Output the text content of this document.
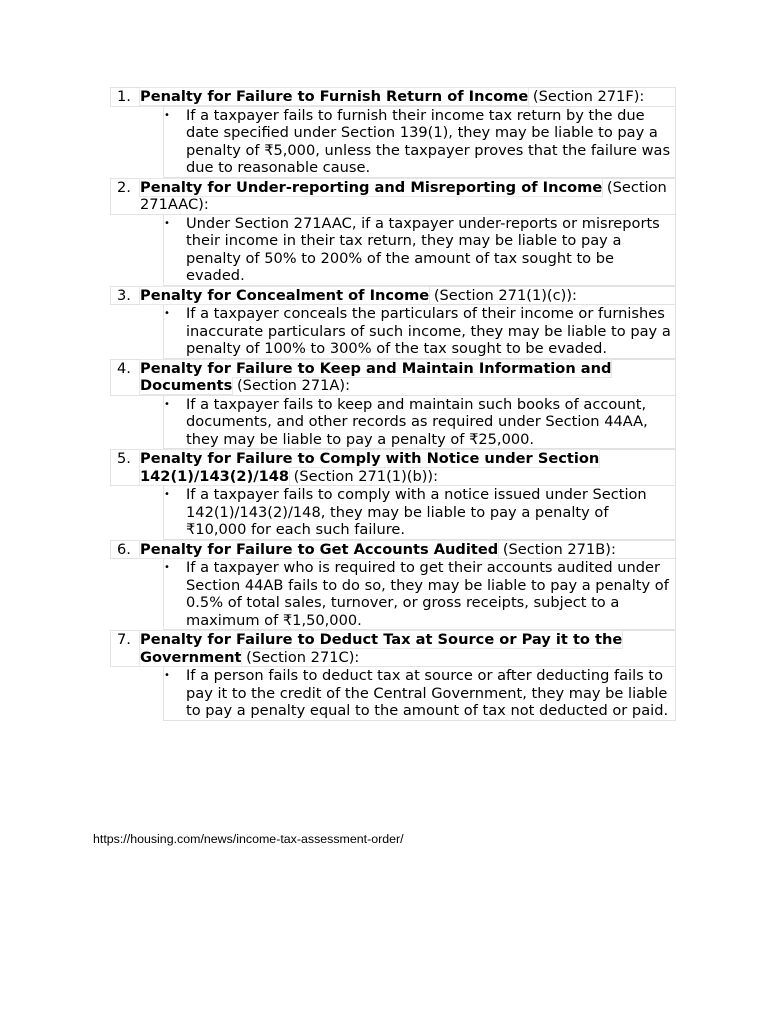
1. Penalty for Failure to Furnish Return of Income (Section 271F):
• If a taxpayer fails to furnish their income tax return by the due date specified under Section 139(1), they may be liable to pay a penalty of ₹5,000, unless the taxpayer proves that the failure was due to reasonable cause.
2. Penalty for Under-reporting and Misreporting of Income (Section 271AAC):
• Under Section 271AAC, if a taxpayer under-reports or misreports their income in their tax return, they may be liable to pay a penalty of 50% to 200% of the amount of tax sought to be evaded.
3. Penalty for Concealment of Income (Section 271(1)(c)):
• If a taxpayer conceals the particulars of their income or furnishes inaccurate particulars of such income, they may be liable to pay a penalty of 100% to 300% of the tax sought to be evaded.
4. Penalty for Failure to Keep and Maintain Information and Documents (Section 271A):
• If a taxpayer fails to keep and maintain such books of account, documents, and other records as required under Section 44AA, they may be liable to pay a penalty of ₹25,000.
5. Penalty for Failure to Comply with Notice under Section 142(1)/143(2)/148 (Section 271(1)(b)):
• If a taxpayer fails to comply with a notice issued under Section 142(1)/143(2)/148, they may be liable to pay a penalty of ₹10,000 for each such failure.
6. Penalty for Failure to Get Accounts Audited (Section 271B):
• If a taxpayer who is required to get their accounts audited under Section 44AB fails to do so, they may be liable to pay a penalty of 0.5% of total sales, turnover, or gross receipts, subject to a maximum of ₹1,50,000.
7. Penalty for Failure to Deduct Tax at Source or Pay it to the Government (Section 271C):
• If a person fails to deduct tax at source or after deducting fails to pay it to the credit of the Central Government, they may be liable to pay a penalty equal to the amount of tax not deducted or paid.
https://housing.com/news/income-tax-assessment-order/
